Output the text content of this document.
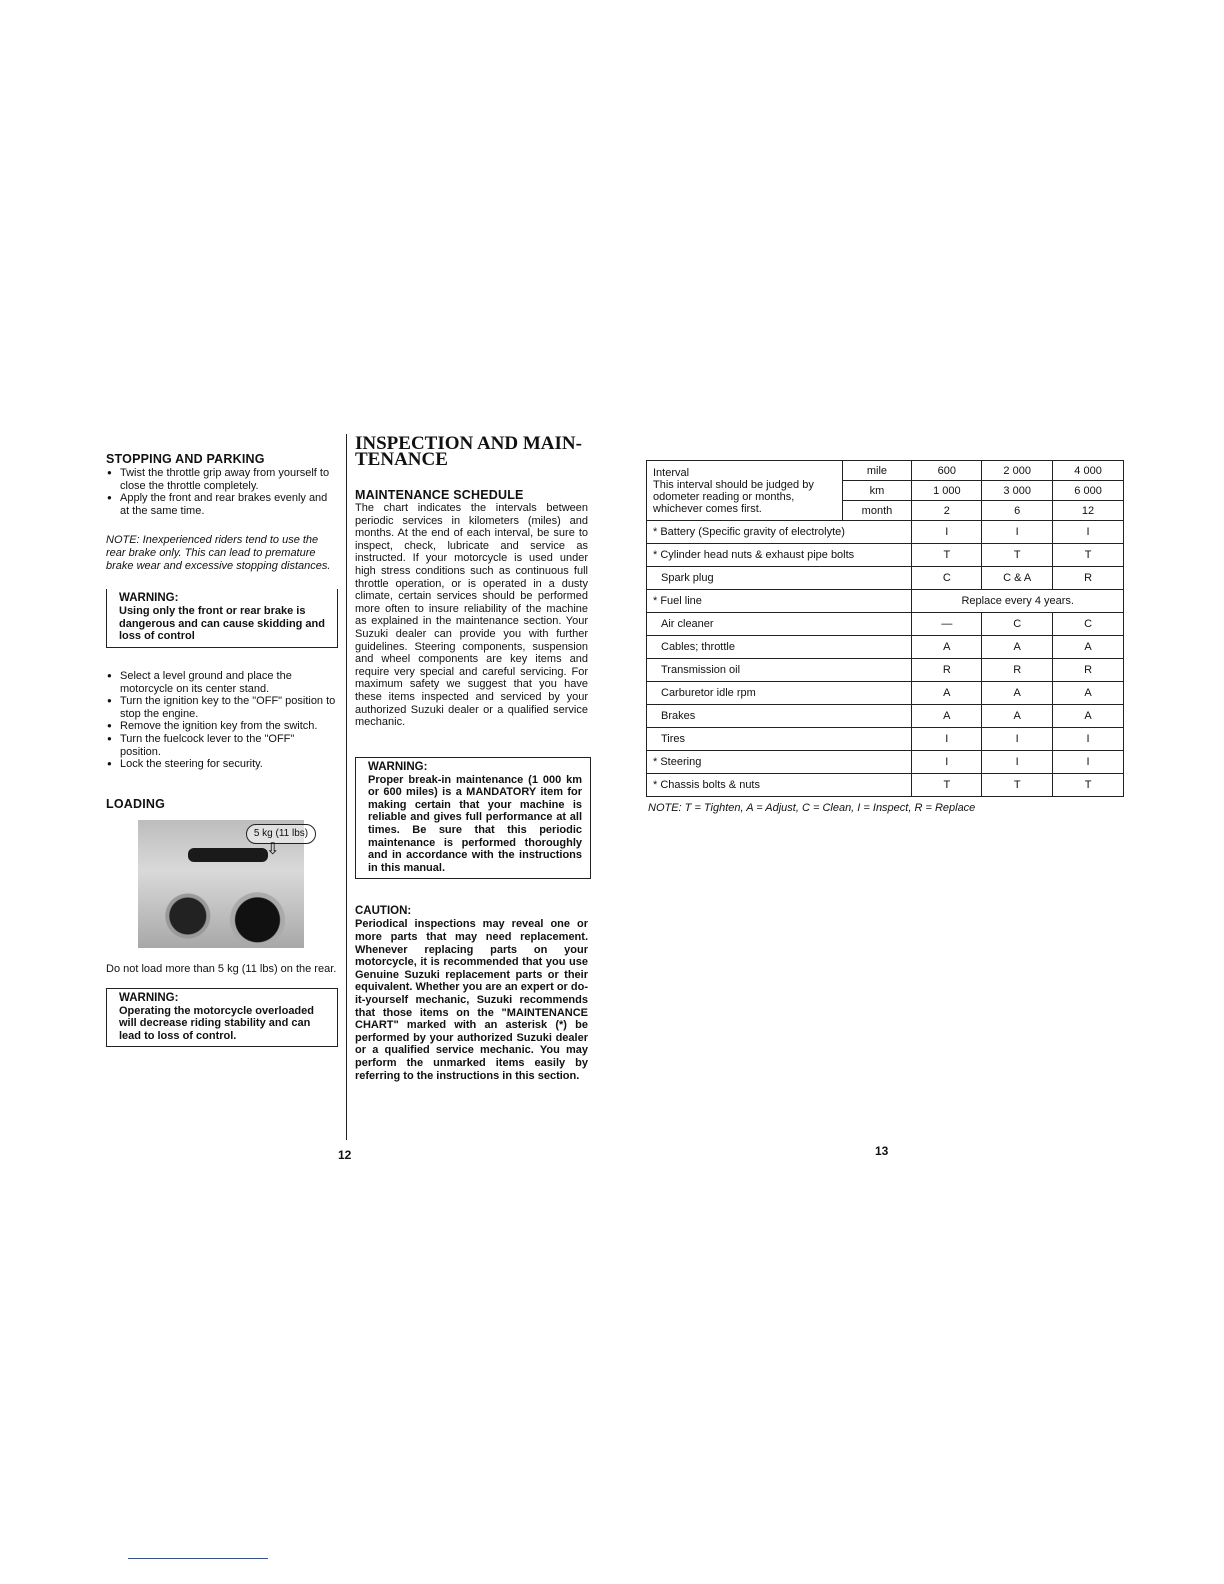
STOPPING AND PARKING
● Twist the throttle grip away from yourself to close the throttle completely.
● Apply the front and rear brakes evenly and at the same time.
NOTE: Inexperienced riders tend to use the rear brake only. This can lead to premature brake wear and excessive stopping distances.
WARNING:
Using only the front or rear brake is dangerous and can cause skidding and loss of control
● Select a level ground and place the motorcycle on its center stand.
● Turn the ignition key to the "OFF" position to stop the engine.
● Remove the ignition key from the switch.
● Turn the fuelcock lever to the "OFF" position.
● Lock the steering for security.
LOADING
5 kg (11 lbs)
⇩
Do not load more than 5 kg (11 lbs) on the rear.
WARNING:
Operating the motorcycle overloaded will decrease riding stability and can lead to loss of control.
12
INSPECTION AND MAIN-
TENANCE
MAINTENANCE SCHEDULE
The chart indicates the intervals between periodic services in kilometers (miles) and months. At the end of each interval, be sure to inspect, check, lubricate and service as instructed. If your motorcycle is used under high stress conditions such as continuous full throttle operation, or is operated in a dusty climate, certain services should be performed more often to insure reliability of the machine as explained in the maintenance section. Your Suzuki dealer can provide you with further guidelines. Steering components, suspension and wheel components are key items and require very special and careful servicing. For maximum safety we suggest that you have these items inspected and serviced by your authorized Suzuki dealer or a qualified service mechanic.
WARNING:
Proper break-in maintenance (1 000 km or 600 miles) is a MANDATORY item for making certain that your machine is reliable and gives full performance at all times. Be sure that this periodic maintenance is performed thoroughly and in accordance with the instructions in this manual.
CAUTION:
Periodical inspections may reveal one or more parts that may need replacement. Whenever replacing parts on your motorcycle, it is recommended that you use Genuine Suzuki replacement parts or their equivalent. Whether you are an expert or do-it-yourself mechanic, Suzuki recommends that those items on the "MAINTENANCE CHART" marked with an asterisk (*) be performed by your authorized Suzuki dealer or a qualified service mechanic. You may perform the unmarked items easily by referring to the instructions in this section.
Interval
This interval should be judged by odometer reading or months, whichever comes first.	mile	600	2 000	4 000
	km	1 000	3 000	6 000
	month	2	6	12
* Battery (Specific gravity of electrolyte)		I	I	I
* Cylinder head nuts & exhaust pipe bolts		T	T	T
Spark plug		C	C & A	R
* Fuel line		Replace every 4 years.		
Air cleaner		—	C	C
Cables; throttle		A	A	A
Transmission oil		R	R	R
Carburetor idle rpm		A	A	A
Brakes		A	A	A
Tires		I	I	I
* Steering		I	I	I
* Chassis bolts & nuts		T	T	T
NOTE: T = Tighten, A = Adjust, C = Clean, I = Inspect, R = Replace
13
